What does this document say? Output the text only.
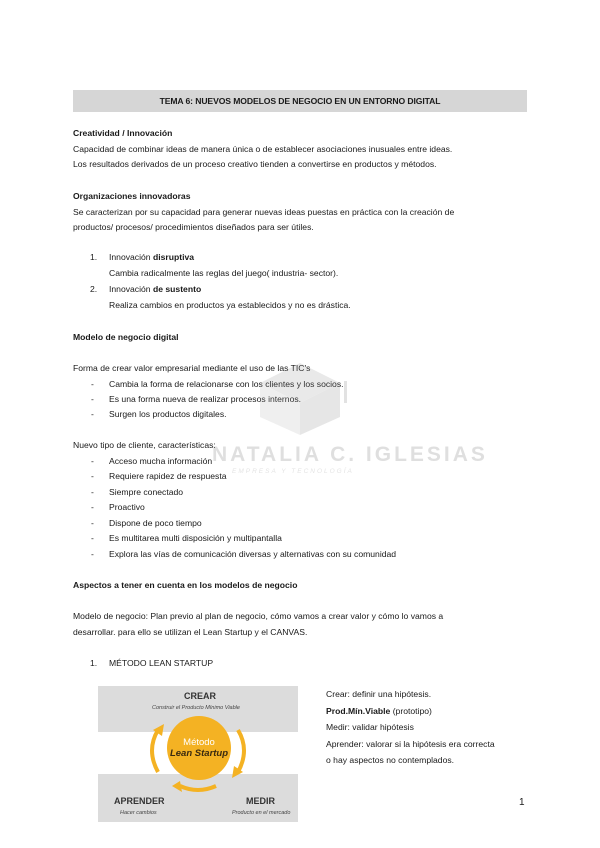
TEMA 6: NUEVOS MODELOS DE NEGOCIO EN UN ENTORNO DIGITAL
Creatividad / Innovación
Capacidad de combinar ideas de manera única o de establecer asociaciones inusuales entre ideas.
Los resultados derivados de un proceso creativo tienden a convertirse en productos y métodos.
Organizaciones innovadoras
Se caracterizan por su capacidad para generar nuevas ideas puestas en práctica con la creación de
productos/ procesos/ procedimientos diseñados para ser útiles.
1. Innovación disruptiva
Cambia radicalmente las reglas del juego( industria- sector).
2. Innovación de sustento
Realiza cambios en productos ya establecidos y no es drástica.
Modelo de negocio digital
Forma de crear valor empresarial mediante el uso de las TIC's
- Cambia la forma de relacionarse con los clientes y los socios.
- Es una forma nueva de realizar procesos internos.
- Surgen los productos digitales.
Nuevo tipo de cliente, características:
- Acceso mucha información
- Requiere rapidez de respuesta
- Siempre conectado
- Proactivo
- Dispone de poco tiempo
- Es multitarea multi disposición y multipantalla
- Explora las vías de comunicación diversas y alternativas con su comunidad
Aspectos a tener en cuenta en los modelos de negocio
Modelo de negocio: Plan previo al plan de negocio, cómo vamos a crear valor y cómo lo vamos a
desarrollar. para ello se utilizan el Lean Startup y el CANVAS.
1. MÉTODO LEAN STARTUP
NATALIA C. IGLESIAS
EMPRESA Y TECNOLOGÍA
CREAR
Construir el Producto Mínimo Viable
Método
Lean Startup
APRENDER
Hacer cambios
MEDIR
Producto en el mercado
Crear: definir una hipótesis.
Prod.Mín.Viable (prototipo)
Medir: validar hipótesis
Aprender: valorar si la hipótesis era correcta
o hay aspectos no contemplados.
1
